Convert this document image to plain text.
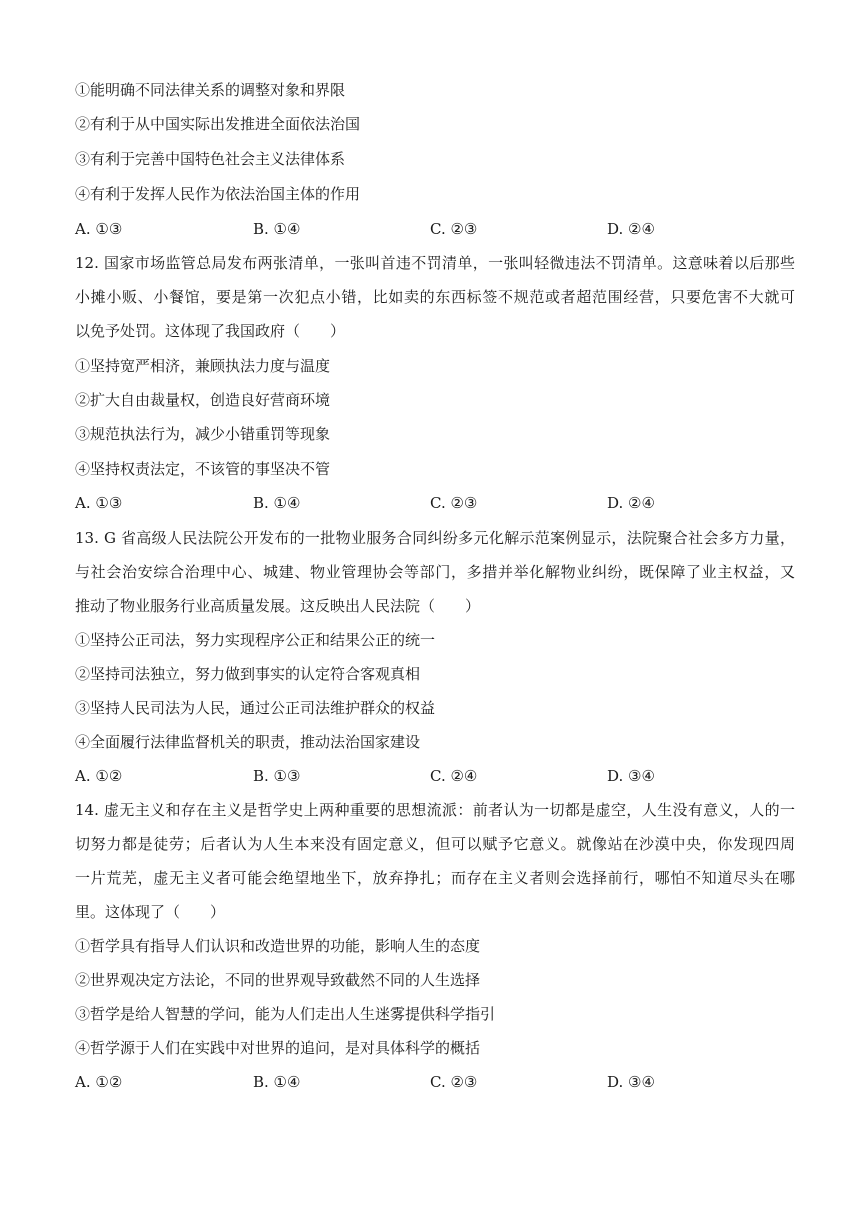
①能明确不同法律关系的调整对象和界限
②有利于从中国实际出发推进全面依法治国
③有利于完善中国特色社会主义法律体系
④有利于发挥人民作为依法治国主体的作用
A. ①③	B. ①④	C. ②③	D. ②④
12. 国家市场监管总局发布两张清单，一张叫首违不罚清单，一张叫轻微违法不罚清单。这意味着以后那些
小摊小贩、小餐馆，要是第一次犯点小错，比如卖的东西标签不规范或者超范围经营，只要危害不大就可
以免予处罚。这体现了我国政府（　　）
①坚持宽严相济，兼顾执法力度与温度
②扩大自由裁量权，创造良好营商环境
③规范执法行为，减少小错重罚等现象
④坚持权责法定，不该管的事坚决不管
A. ①③	B. ①④	C. ②③	D. ②④
13. G 省高级人民法院公开发布的一批物业服务合同纠纷多元化解示范案例显示，法院聚合社会多方力量，
与社会治安综合治理中心、城建、物业管理协会等部门，多措并举化解物业纠纷，既保障了业主权益，又
推动了物业服务行业高质量发展。这反映出人民法院（　　）
①坚持公正司法，努力实现程序公正和结果公正的统一
②坚持司法独立，努力做到事实的认定符合客观真相
③坚持人民司法为人民，通过公正司法维护群众的权益
④全面履行法律监督机关的职责，推动法治国家建设
A. ①②	B. ①③	C. ②④	D. ③④
14. 虚无主义和存在主义是哲学史上两种重要的思想流派：前者认为一切都是虚空，人生没有意义，人的一
切努力都是徒劳；后者认为人生本来没有固定意义，但可以赋予它意义。就像站在沙漠中央，你发现四周
一片荒芜，虚无主义者可能会绝望地坐下，放弃挣扎；而存在主义者则会选择前行，哪怕不知道尽头在哪
里。这体现了（　　）
①哲学具有指导人们认识和改造世界的功能，影响人生的态度
②世界观决定方法论，不同的世界观导致截然不同的人生选择
③哲学是给人智慧的学问，能为人们走出人生迷雾提供科学指引
④哲学源于人们在实践中对世界的追问，是对具体科学的概括
A. ①②	B. ①④	C. ②③	D. ③④
